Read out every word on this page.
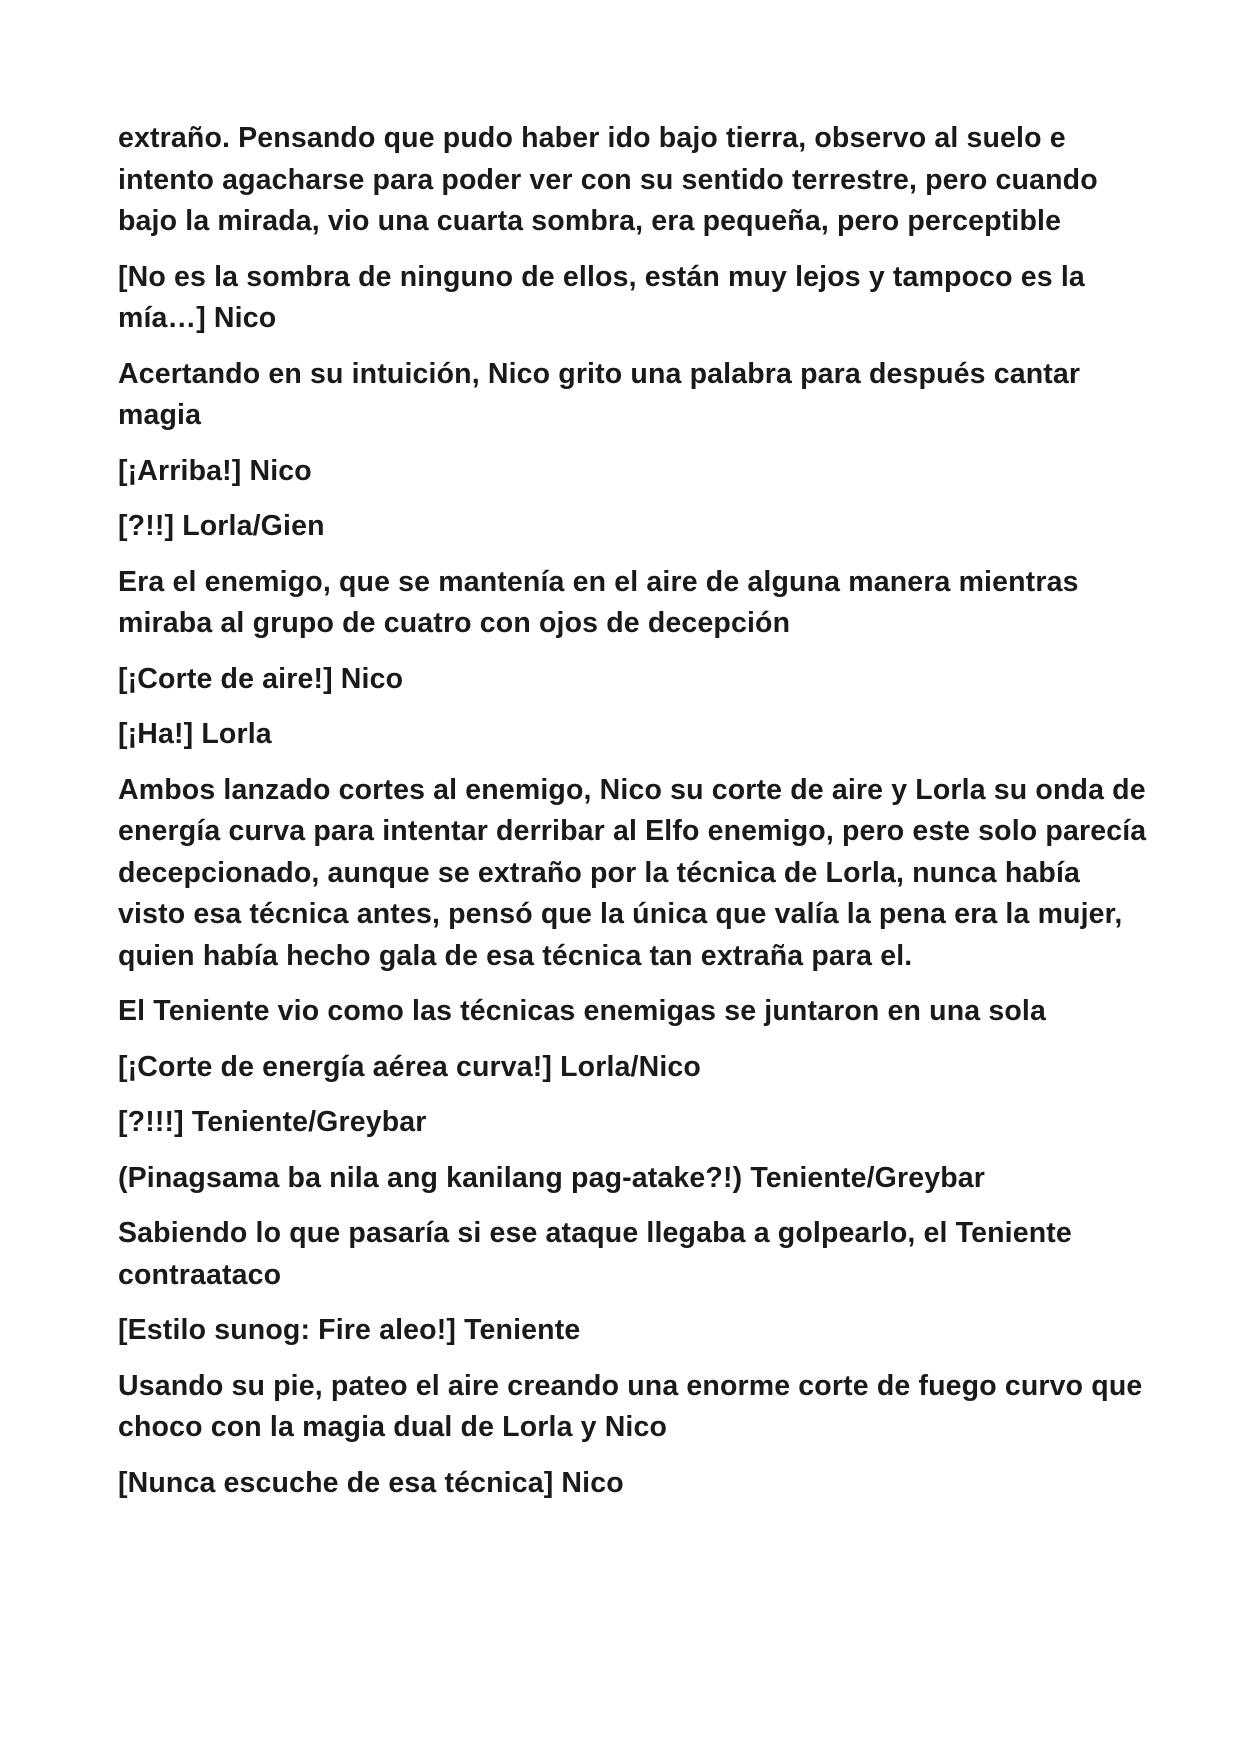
extraño. Pensando que pudo haber ido bajo tierra, observo al suelo e intento agacharse para poder ver con su sentido terrestre, pero cuando bajo la mirada, vio una cuarta sombra, era pequeña, pero perceptible

[No es la sombra de ninguno de ellos, están muy lejos y tampoco es la mía…] Nico

Acertando en su intuición, Nico grito una palabra para después cantar magia

[¡Arriba!] Nico

[?!!] Lorla/Gien

Era el enemigo, que se mantenía en el aire de alguna manera mientras miraba al grupo de cuatro con ojos de decepción

[¡Corte de aire!] Nico

[¡Ha!] Lorla

Ambos lanzado cortes al enemigo, Nico su corte de aire y Lorla su onda de energía curva para intentar derribar al Elfo enemigo, pero este solo parecía decepcionado, aunque se extraño por la técnica de Lorla, nunca había visto esa técnica antes, pensó que la única que valía la pena era la mujer, quien había hecho gala de esa técnica tan extraña para el.

El Teniente vio como las técnicas enemigas se juntaron en una sola

[¡Corte de energía aérea curva!] Lorla/Nico

[?!!!] Teniente/Greybar

(Pinagsama ba nila ang kanilang pag-atake?!) Teniente/Greybar

Sabiendo lo que pasaría si ese ataque llegaba a golpearlo, el Teniente contraataco

[Estilo sunog: Fire aleo!] Teniente

Usando su pie, pateo el aire creando una enorme corte de fuego curvo que choco con la magia dual de Lorla y Nico

[Nunca escuche de esa técnica] Nico
